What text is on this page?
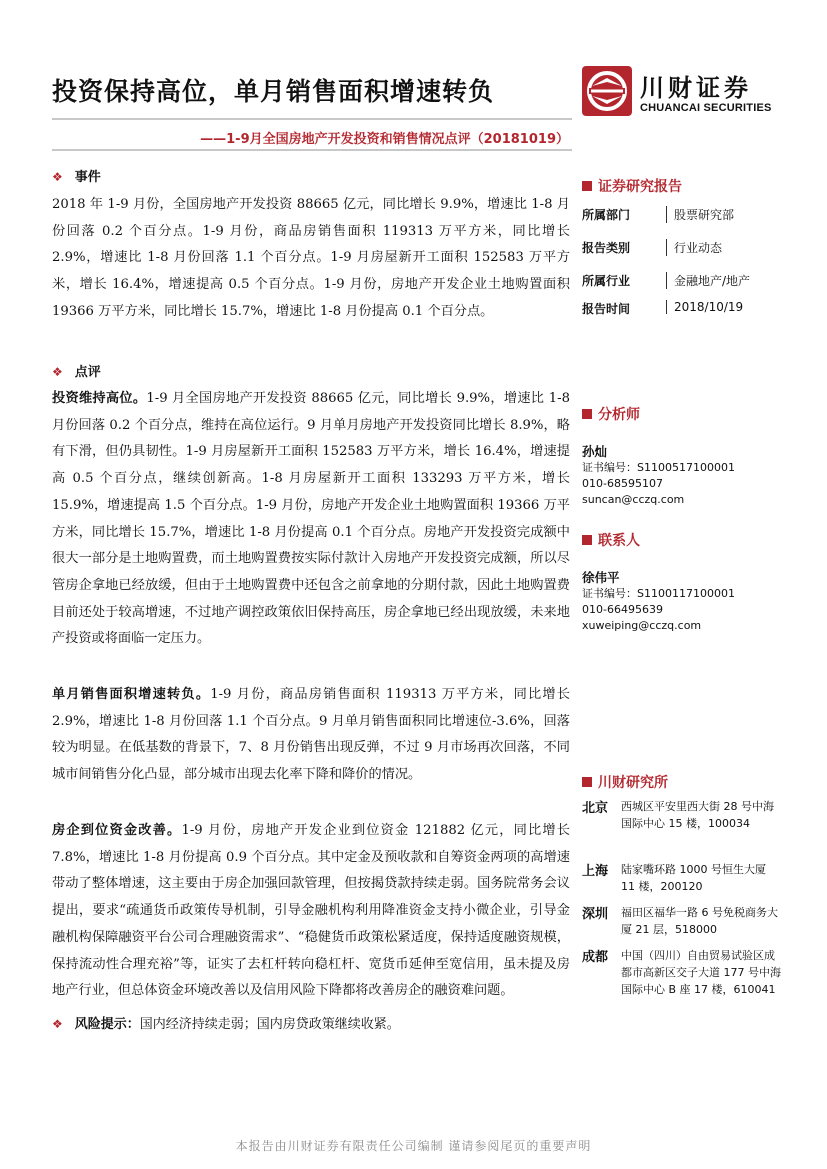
投资保持高位，单月销售面积增速转负	川财证券
CHUANCAI SECURITIES
——1-9月全国房地产开发投资和销售情况点评（20181019）
❖ 事件
2018 年 1-9 月份，全国房地产开发投资 88665 亿元，同比增长 9.9%，增速比 1-8 月份回落 0.2 个百分点。1-9 月份，商品房销售面积 119313 万平方米，同比增长 2.9%，增速比 1-8 月份回落 1.1 个百分点。1-9 月房屋新开工面积 152583 万平方米，增长 16.4%，增速提高 0.5 个百分点。1-9 月份，房地产开发企业土地购置面积 19366 万平方米，同比增长 15.7%，增速比 1-8 月份提高 0.1 个百分点。
❖ 点评
投资维持高位。1-9 月全国房地产开发投资 88665 亿元，同比增长 9.9%，增速比 1-8 月份回落 0.2 个百分点，维持在高位运行。9 月单月房地产开发投资同比增长 8.9%，略有下滑，但仍具韧性。1-9 月房屋新开工面积 152583 万平方米，增长 16.4%，增速提高 0.5 个百分点，继续创新高。1-8 月房屋新开工面积 133293 万平方米，增长 15.9%，增速提高 1.5 个百分点。1-9 月份，房地产开发企业土地购置面积 19366 万平方米，同比增长 15.7%，增速比 1-8 月份提高 0.1 个百分点。房地产开发投资完成额中很大一部分是土地购置费，而土地购置费按实际付款计入房地产开发投资完成额，所以尽管房企拿地已经放缓，但由于土地购置费中还包含之前拿地的分期付款，因此土地购置费目前还处于较高增速，不过地产调控政策依旧保持高压，房企拿地已经出现放缓，未来地产投资或将面临一定压力。
单月销售面积增速转负。1-9 月份，商品房销售面积 119313 万平方米，同比增长 2.9%，增速比 1-8 月份回落 1.1 个百分点。9 月单月销售面积同比增速位-3.6%，回落较为明显。在低基数的背景下，7、8 月份销售出现反弹，不过 9 月市场再次回落，不同城市间销售分化凸显，部分城市出现去化率下降和降价的情况。
房企到位资金改善。1-9 月份，房地产开发企业到位资金 121882 亿元，同比增长 7.8%，增速比 1-8 月份提高 0.9 个百分点。其中定金及预收款和自筹资金两项的高增速带动了整体增速，这主要由于房企加强回款管理，但按揭贷款持续走弱。国务院常务会议提出，要求“疏通货币政策传导机制，引导金融机构利用降准资金支持小微企业，引导金融机构保障融资平台公司合理融资需求”、“稳健货币政策松紧适度，保持适度融资规模，保持流动性合理充裕”等，证实了去杠杆转向稳杠杆、宽货币延伸至宽信用，虽未提及房地产行业，但总体资金环境改善以及信用风险下降都将改善房企的融资难问题。
❖ 风险提示：国内经济持续走弱；国内房贷政策继续收紧。
证券研究报告
所属部门	股票研究部
报告类别	行业动态
所属行业	金融地产/地产
报告时间	2018/10/19
分析师
孙灿
证书编号：S1100517100001
010-68595107
suncan@cczq.com
联系人
徐伟平
证书编号：S1100117100001
010-66495639
xuweiping@cczq.com
川财研究所
北京 西城区平安里西大街 28 号中海国际中心 15 楼，100034
上海 陆家嘴环路 1000 号恒生大厦 11 楼，200120
深圳 福田区福华一路 6 号免税商务大厦 21 层，518000
成都 中国（四川）自由贸易试验区成都市高新区交子大道 177 号中海国际中心 B 座 17 楼，610041
本报告由川财证券有限责任公司编制 谨请参阅尾页的重要声明
